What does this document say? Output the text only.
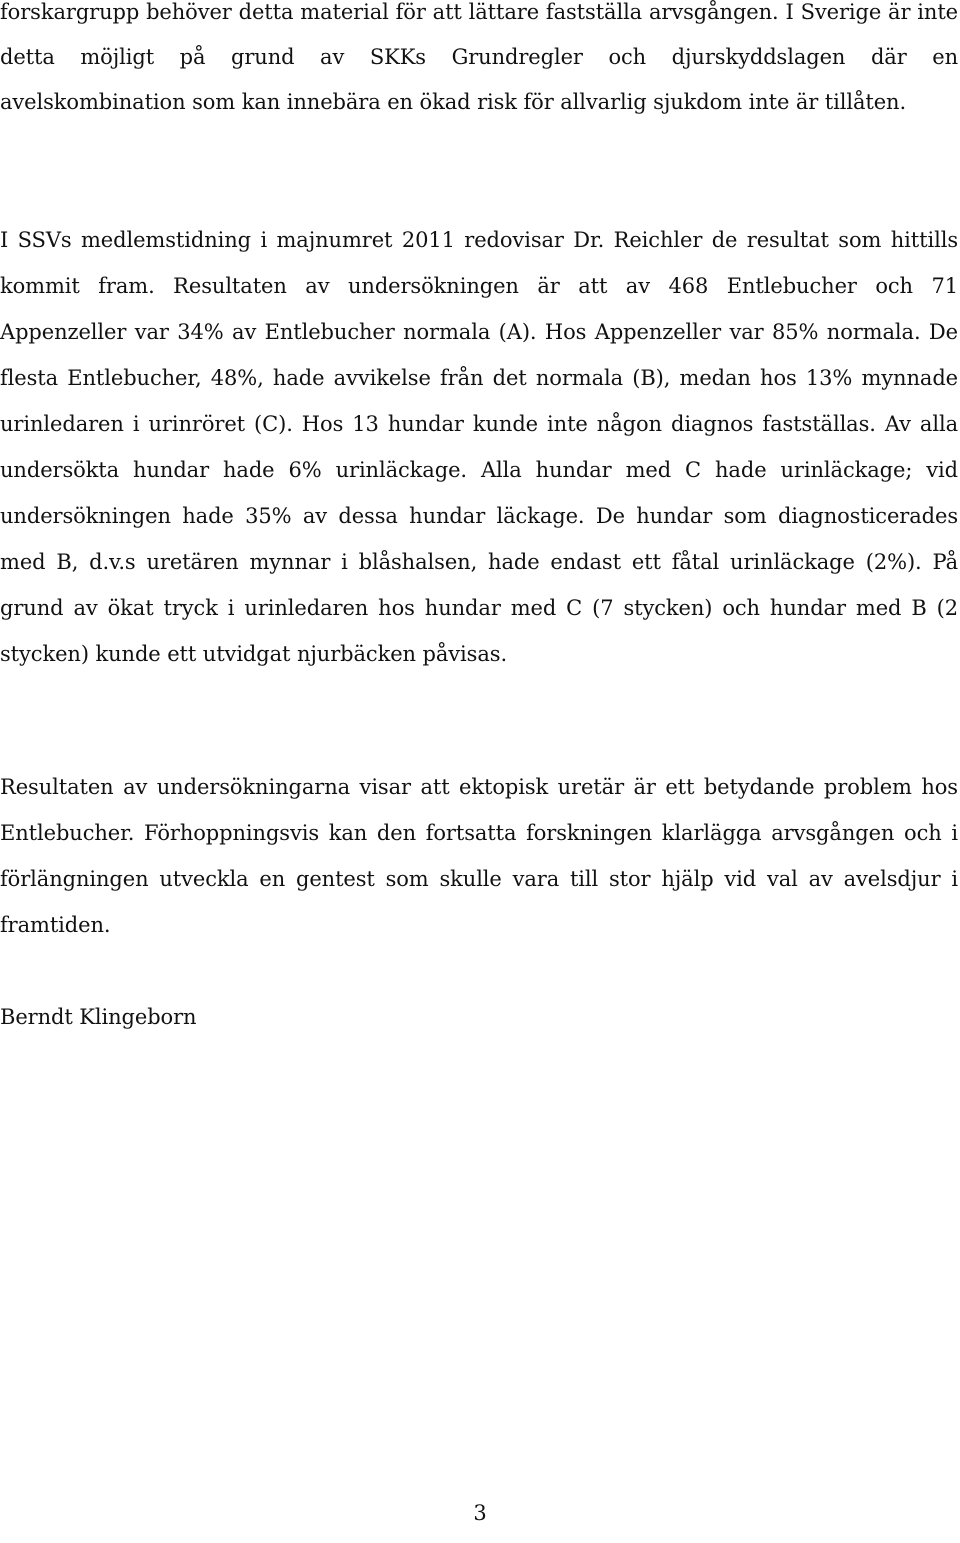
forskargrupp behöver detta material för att lättare fastställa arvsgången. I Sverige är inte detta möjligt på grund av SKKs Grundregler och djurskyddslagen där en avelskombination som kan innebära en ökad risk för allvarlig sjukdom inte är tillåten.

I SSVs medlemstidning i majnumret 2011 redovisar Dr. Reichler de resultat som hittills kommit fram. Resultaten av undersökningen är att av 468 Entlebucher och 71 Appenzeller var 34% av Entlebucher normala (A). Hos Appenzeller var 85% normala. De flesta Entlebucher, 48%, hade avvikelse från det normala (B), medan hos 13% mynnade urinledaren i urinröret (C). Hos 13 hundar kunde inte någon diagnos fastställas. Av alla undersökta hundar hade 6% urinläckage. Alla hundar med C hade urinläckage; vid undersökningen hade 35% av dessa hundar läckage. De hundar som diagnosticerades med B, d.v.s uretären mynnar i blåshalsen, hade endast ett fåtal urinläckage (2%). På grund av ökat tryck i urinledaren hos hundar med C (7 stycken) och hundar med B (2 stycken) kunde ett utvidgat njurbäcken påvisas.

Resultaten av undersökningarna visar att ektopisk uretär är ett betydande problem hos Entlebucher. Förhoppningsvis kan den fortsatta forskningen klarlägga arvsgången och i förlängningen utveckla en gentest som skulle vara till stor hjälp vid val av avelsdjur i framtiden.

Berndt Klingeborn

3
